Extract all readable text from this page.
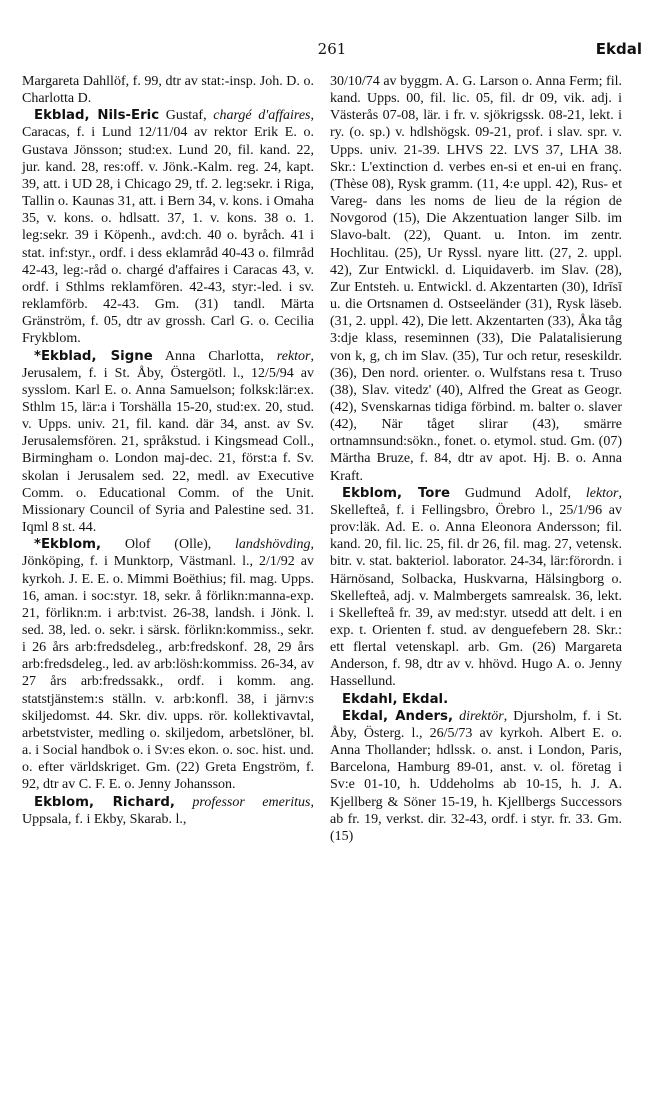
261	Ekdal

Margareta Dahllöf, f. 99, dtr av stat:-insp. Joh. D. o. Charlotta D.

Ekblad, Nils-Eric Gustaf, chargé d'affaires, Caracas, f. i Lund 12/11/04 av rektor Erik E. o. Gustava Jönsson; stud:ex. Lund 20, fil. kand. 22, jur. kand. 28, res:off. v. Jönk.-Kalm. reg. 24, kapt. 39, att. i UD 28, i Chicago 29, tf. 2. leg:sekr. i Riga, Tallin o. Kaunas 31, att. i Bern 34, v. kons. i Omaha 35, v. kons. o. hdlsatt. 37, 1. v. kons. 38 o. 1. leg:sekr. 39 i Köpenh., avd:ch. 40 o. byråch. 41 i stat. inf:styr., ordf. i dess eklamråd 40-43 o. filmråd 42-43, leg:-råd o. chargé d'affaires i Caracas 43, v. ordf. i Sthlms reklamfören. 42-43, styr:-led. i sv. reklamförb. 42-43. Gm. (31) tandl. Märta Gränström, f. 05, dtr av grossh. Carl G. o. Cecilia Frykblom.

*Ekblad, Signe Anna Charlotta, rektor, Jerusalem, f. i St. Åby, Östergötl. l., 12/5/94 av sysslom. Karl E. o. Anna Samuelson; folksk:lär:ex. Sthlm 15, lär:a i Torshälla 15-20, stud:ex. 20, stud. v. Upps. univ. 21, fil. kand. där 34, anst. av Sv. Jerusalemsfören. 21, språkstud. i Kingsmead Coll., Birmingham o. London maj-dec. 21, först:a f. Sv. skolan i Jerusalem sed. 22, medl. av Executive Comm. o. Educational Comm. of the Unit. Missionary Council of Syria and Palestine sed. 31. Iqml 8 st. 44.

*Ekblom, Olof (Olle), landshövding, Jönköping, f. i Munktorp, Västmanl. l., 2/1/92 av kyrkoh. J. E. E. o. Mimmi Boëthius; fil. mag. Upps. 16, aman. i soc:styr. 18, sekr. å förlikn:manna-exp. 21, förlikn:m. i arb:tvist. 26-38, landsh. i Jönk. l. sed. 38, led. o. sekr. i särsk. förlikn:kommiss., sekr. i 26 års arb:fredsdeleg., arb:fredskonf. 28, 29 års arb:fredsdeleg., led. av arb:lösh:kommiss. 26-34, av 27 års arb:fredssakk., ordf. i komm. ang. statstjänstem:s ställn. v. arb:konfl. 38, i järnv:s skiljedomst. 44. Skr. div. upps. rör. kollektivavtal, arbetstvister, medling o. skiljedom, arbetslöner, bl. a. i Social handbok o. i Sv:es ekon. o. soc. hist. und. o. efter världskriget. Gm. (22) Greta Engström, f. 92, dtr av C. F. E. o. Jenny Johansson.

Ekblom, Richard, professor emeritus, Uppsala, f. i Ekby, Skarab. l.,

30/10/74 av byggm. A. G. Larson o. Anna Ferm; fil. kand. Upps. 00, fil. lic. 05, fil. dr 09, vik. adj. i Västerås 07-08, lär. i fr. v. sjökrigssk. 08-21, lekt. i ry. (o. sp.) v. hdlshögsk. 09-21, prof. i slav. spr. v. Upps. univ. 21-39. LHVS 22. LVS 37, LHA 38. Skr.: L'extinction d. verbes en-si et en-ui en franç. (Thèse 08), Rysk gramm. (11, 4:e uppl. 42), Rus- et Vareg- dans les noms de lieu de la région de Novgorod (15), Die Akzentuation langer Silb. im Slavo-balt. (22), Quant. u. Inton. im zentr. Hochlitau. (25), Ur Ryssl. nyare litt. (27, 2. uppl. 42), Zur Entwickl. d. Liquidaverb. im Slav. (28), Zur Entsteh. u. Entwickl. d. Akzentarten (30), Idrīsī u. die Ortsnamen d. Ostseeländer (31), Rysk läseb. (31, 2. uppl. 42), Die lett. Akzentarten (33), Åka tåg 3:dje klass, reseminnen (33), Die Palatalisierung von k, g, ch im Slav. (35), Tur och retur, reseskildr. (36), Den nord. orienter. o. Wulfstans resa t. Truso (38), Slav. vitedz' (40), Alfred the Great as Geogr. (42), Svenskarnas tidiga förbind. m. balter o. slaver (42), När tåget slirar (43), smärre ortnamnsund:sökn., fonet. o. etymol. stud. Gm. (07) Märtha Bruze, f. 84, dtr av apot. Hj. B. o. Anna Kraft.

Ekblom, Tore Gudmund Adolf, lektor, Skellefteå, f. i Fellingsbro, Örebro l., 25/1/96 av prov:läk. Ad. E. o. Anna Eleonora Andersson; fil. kand. 20, fil. lic. 25, fil. dr 26, fil. mag. 27, vetensk. bitr. v. stat. bakteriol. laborator. 24-34, lär:förordn. i Härnösand, Solbacka, Huskvarna, Hälsingborg o. Skellefteå, adj. v. Malmbergets samrealsk. 36, lekt. i Skellefteå fr. 39, av med:styr. utsedd att delt. i en exp. t. Orienten f. stud. av denguefebern 28. Skr.: ett flertal vetenskapl. arb. Gm. (26) Margareta Anderson, f. 98, dtr av v. hhövd. Hugo A. o. Jenny Hassellund.

Ekdahl, Ekdal.

Ekdal, Anders, direktör, Djursholm, f. i St. Åby, Österg. l., 26/5/73 av kyrkoh. Albert E. o. Anna Thollander; hdlssk. o. anst. i London, Paris, Barcelona, Hamburg 89-01, anst. v. ol. företag i Sv:e 01-10, h. Uddeholms ab 10-15, h. J. A. Kjellberg & Söner 15-19, h. Kjellbergs Successors ab fr. 19, verkst. dir. 32-43, ordf. i styr. fr. 33. Gm. (15)
